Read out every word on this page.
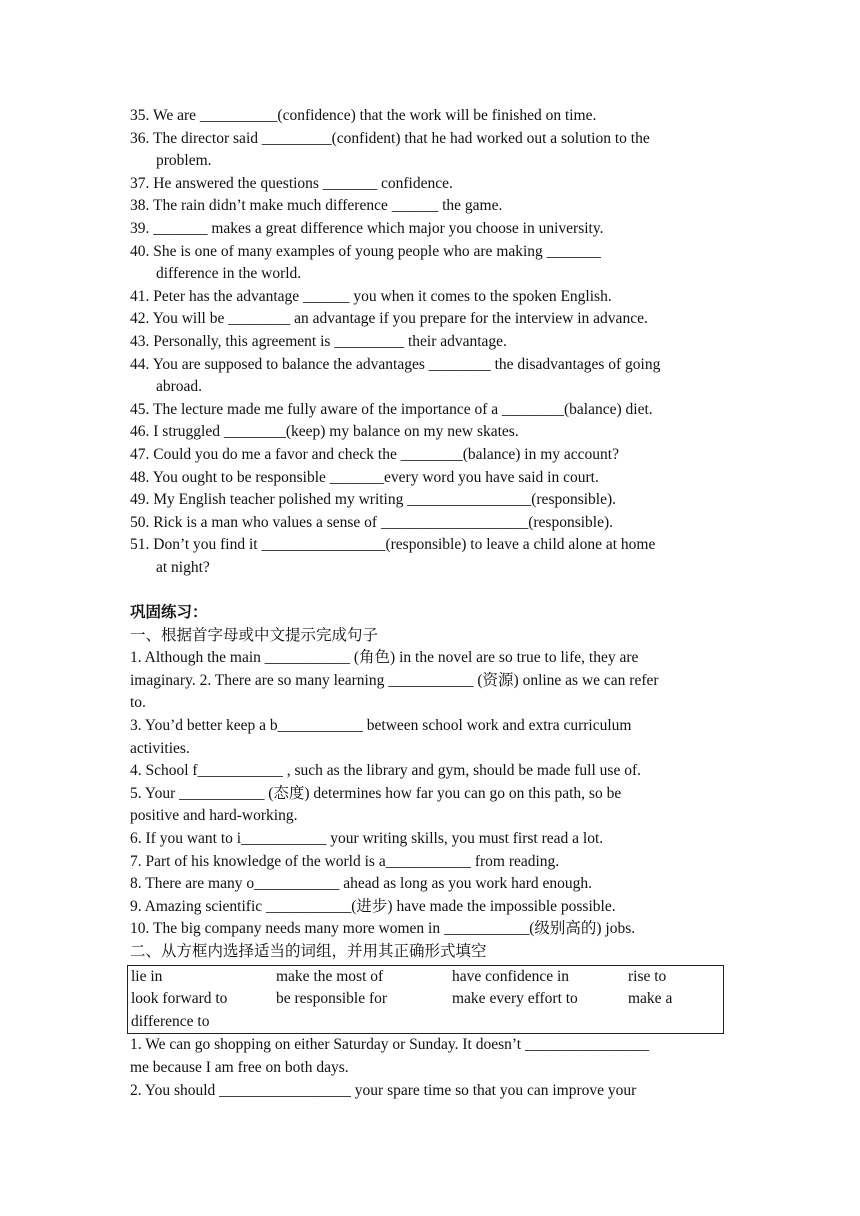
35. We are __________(confidence) that the work will be finished on time.
36. The director said _________(confident) that he had worked out a solution to the
problem.
37. He answered the questions _______ confidence.
38. The rain didn’t make much difference ______ the game.
39. _______ makes a great difference which major you choose in university.
40. She is one of many examples of young people who are making _______
difference in the world.
41. Peter has the advantage ______ you when it comes to the spoken English.
42. You will be ________ an advantage if you prepare for the interview in advance.
43. Personally, this agreement is _________ their advantage.
44. You are supposed to balance the advantages ________ the disadvantages of going
abroad.
45. The lecture made me fully aware of the importance of a ________(balance) diet.
46. I struggled ________(keep) my balance on my new skates.
47. Could you do me a favor and check the ________(balance) in my account?
48. You ought to be responsible _______every word you have said in court.
49. My English teacher polished my writing ________________(responsible).
50. Rick is a man who values a sense of ___________________(responsible).
51. Don’t you find it ________________(responsible) to leave a child alone at home
at night?
巩固练习：
一、根据首字母或中文提示完成句子
1. Although the main ___________ (角色) in the novel are so true to life, they are
imaginary. 2. There are so many learning ___________ (资源) online as we can refer
to.
3. You’d better keep a b___________ between school work and extra curriculum
activities.
4. School f___________ , such as the library and gym, should be made full use of.
5. Your ___________ (态度) determines how far you can go on this path, so be
positive and hard-working.
6. If you want to i___________ your writing skills, you must first read a lot.
7. Part of his knowledge of the world is a___________ from reading.
8. There are many o___________ ahead as long as you work hard enough.
9. Amazing scientific ___________(进步) have made the impossible possible.
10. The big company needs many more women in ___________(级别高的) jobs.
二、从方框内选择适当的词组，并用其正确形式填空
lie in	make the most of	have confidence in	rise to
look forward to	be responsible for	make every effort to	make a
difference to
1. We can go shopping on either Saturday or Sunday. It doesn’t ________________
me because I am free on both days.
2. You should _________________ your spare time so that you can improve your
